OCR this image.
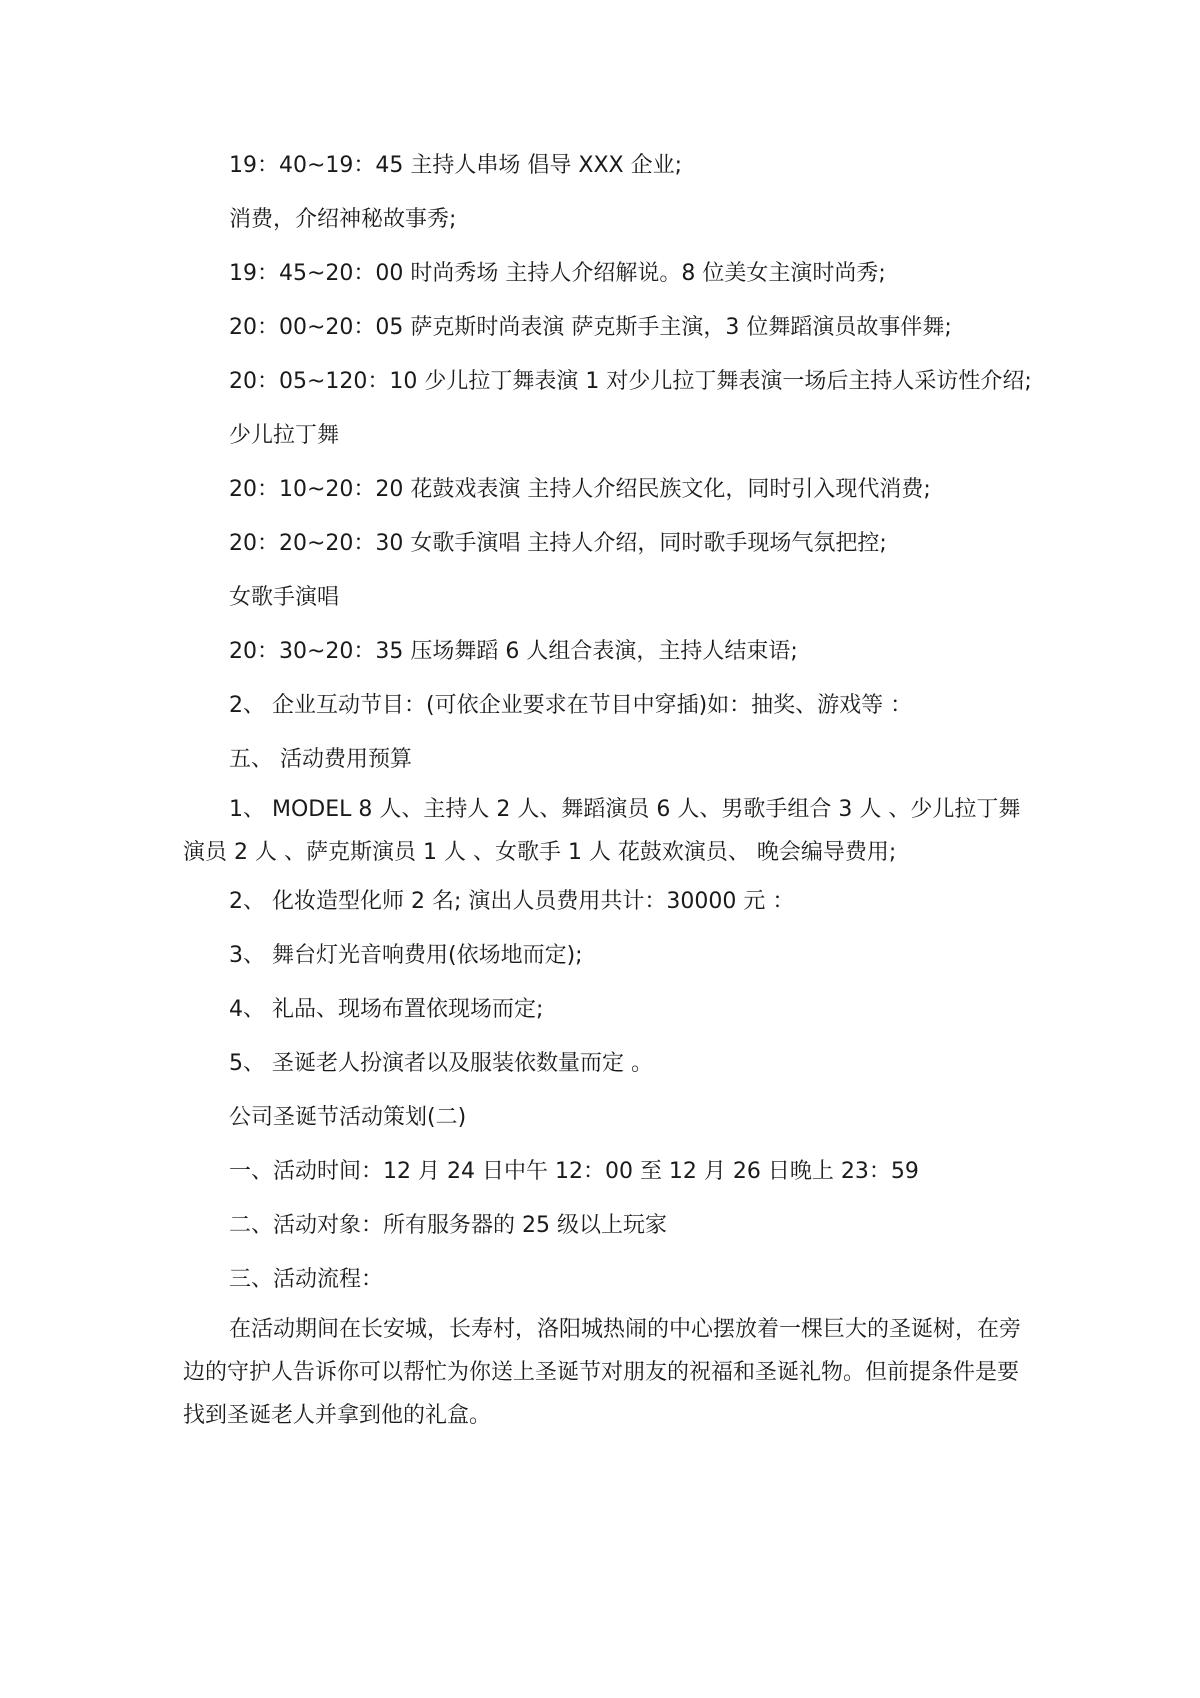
19：40~19：45 主持人串场 倡导 XXX 企业;
消费，介绍神秘故事秀;
19：45~20：00 时尚秀场 主持人介绍解说。8 位美女主演时尚秀;
20：00~20：05 萨克斯时尚表演 萨克斯手主演，3 位舞蹈演员故事伴舞;
20：05~120：10 少儿拉丁舞表演 1 对少儿拉丁舞表演一场后主持人采访性介绍;
少儿拉丁舞
20：10~20：20 花鼓戏表演 主持人介绍民族文化，同时引入现代消费;
20：20~20：30 女歌手演唱 主持人介绍，同时歌手现场气氛把控;
女歌手演唱
20：30~20：35 压场舞蹈 6 人组合表演，主持人结束语;
2、 企业互动节目：(可依企业要求在节目中穿插)如：抽奖、游戏等 ：
五、 活动费用预算
1、 MODEL 8 人、主持人 2 人、舞蹈演员 6 人、男歌手组合 3 人 、少儿拉丁舞演员 2 人 、萨克斯演员 1 人 、女歌手 1 人 花鼓欢演员、 晚会编导费用;
2、 化妆造型化师 2 名; 演出人员费用共计：30000 元 ：
3、 舞台灯光音响费用(依场地而定);
4、 礼品、现场布置依现场而定;
5、 圣诞老人扮演者以及服装依数量而定 。
公司圣诞节活动策划(二)
一、活动时间：12 月 24 日中午 12：00 至 12 月 26 日晚上 23：59
二、活动对象：所有服务器的 25 级以上玩家
三、活动流程：
在活动期间在长安城，长寿村，洛阳城热闹的中心摆放着一棵巨大的圣诞树，在旁边的守护人告诉你可以帮忙为你送上圣诞节对朋友的祝福和圣诞礼物。但前提条件是要找到圣诞老人并拿到他的礼盒。
